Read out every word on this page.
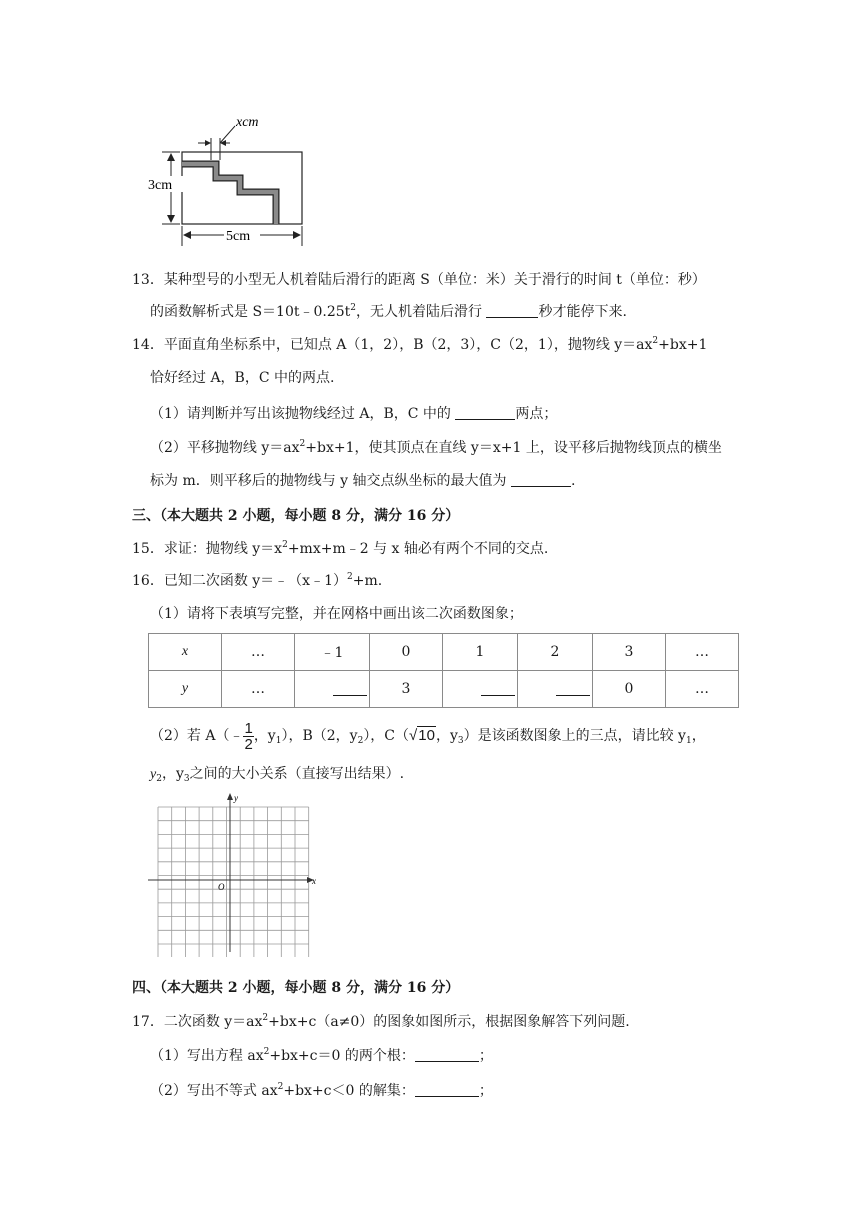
xcm
3cm
5cm
13．某种型号的小型无人机着陆后滑行的距离 S（单位：米）关于滑行的时间 t（单位：秒）
的函数解析式是 $S=10t﹣0.25t^2$，无人机着陆后滑行	秒才能停下来.
14．平面直角坐标系中，已知点 A（1，2），B（2，3），C（2，1），抛物线 $y=ax^2+bx+1$
恰好经过 A，B，C 中的两点.
（1）请判断并写出该抛物线经过 A，B，C 中的	两点；
（2）平移抛物线 $y=ax^2+bx+1$，使其顶点在直线 y＝x+1 上，设平移后抛物线顶点的横坐
标为 m．则平移后的抛物线与 y 轴交点纵坐标的最大值为	.
三、（本大题共 2 小题，每小题 8 分，满分 16 分）
15．求证：抛物线 $y=x^2+mx+m﹣2$ 与 x 轴必有两个不同的交点.
16．已知二次函数 y＝﹣（x﹣1）$^2$+m.
（1）请将下表填写完整，并在网格中画出该二次函数图象；
x	…	﹣1	0	1	2	3	…
y	…		3			0	…
（2）若 A（﹣ $\frac{1}{2}$ ，$y_1$），B（2，$y_2$），C（√10，$y_3$）是该函数图象上的三点，请比较 $y_1$，
$y_2$，$y_3$之间的大小关系（直接写出结果）.
x
y
O
四、（本大题共 2 小题，每小题 8 分，满分 16 分）
17．二次函数 $y=ax^2+bx+c(a\ne 0)$的图象如图所示，根据图象解答下列问题.
（1）写出方程 $ax^2+bx+c=0$ 的两个根：	；
（2）写出不等式 $ax^2+bx+c<0$ 的解集：	；
